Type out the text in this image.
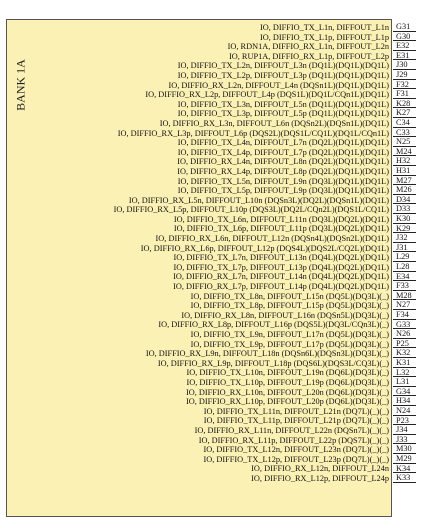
BANK 1A
IO, DIFFIO_TX_L1n, DIFFOUT_L1n
IO, DIFFIO_TX_L1p, DIFFOUT_L1p
IO, RDN1A, DIFFIO_RX_L1n, DIFFOUT_L2n
IO, RUP1A, DIFFIO_RX_L1p, DIFFOUT_L2p
IO, DIFFIO_TX_L2n, DIFFOUT_L3n (DQ1L)(DQ1L)(DQ1L)
IO, DIFFIO_TX_L2p, DIFFOUT_L3p (DQ1L)(DQ1L)(DQ1L)
IO, DIFFIO_RX_L2n, DIFFOUT_L4n (DQSn1L)(DQ1L)(DQ1L)
IO, DIFFIO_RX_L2p, DIFFOUT_L4p (DQS1L)(DQ1L/CQn1L)(DQ1L)
IO, DIFFIO_TX_L3n, DIFFOUT_L5n (DQ1L)(DQ1L)(DQ1L)
IO, DIFFIO_TX_L3p, DIFFOUT_L5p (DQ1L)(DQ1L)(DQ1L)
IO, DIFFIO_RX_L3n, DIFFOUT_L6n (DQSn2L)(DQSn1L)(DQ1L)
IO, DIFFIO_RX_L3p, DIFFOUT_L6p (DQS2L)(DQS1L/CQ1L)(DQ1L/CQn1L)
IO, DIFFIO_TX_L4n, DIFFOUT_L7n (DQ2L)(DQ1L)(DQ1L)
IO, DIFFIO_TX_L4p, DIFFOUT_L7p (DQ2L)(DQ1L)(DQ1L)
IO, DIFFIO_RX_L4n, DIFFOUT_L8n (DQ2L)(DQ1L)(DQ1L)
IO, DIFFIO_RX_L4p, DIFFOUT_L8p (DQ2L)(DQ1L)(DQ1L)
IO, DIFFIO_TX_L5n, DIFFOUT_L9n (DQ3L)(DQ1L)(DQ1L)
IO, DIFFIO_TX_L5p, DIFFOUT_L9p (DQ3L)(DQ1L)(DQ1L)
IO, DIFFIO_RX_L5n, DIFFOUT_L10n (DQSn3L)(DQ2L)(DQSn1L)(DQ1L)
IO, DIFFIO_RX_L5p, DIFFOUT_L10p (DQS3L)(DQ2L/CQn2L)(DQS1L/CQ1L)
IO, DIFFIO_TX_L6n, DIFFOUT_L11n (DQ3L)(DQ2L)(DQ1L)
IO, DIFFIO_TX_L6p, DIFFOUT_L11p (DQ3L)(DQ2L)(DQ1L)
IO, DIFFIO_RX_L6n, DIFFOUT_L12n (DQSn4L)(DQSn2L)(DQ1L)
IO, DIFFIO_RX_L6p, DIFFOUT_L12p (DQS4L)(DQS2L/CQ2L)(DQ1L)
IO, DIFFIO_TX_L7n, DIFFOUT_L13n (DQ4L)(DQ2L)(DQ1L)
IO, DIFFIO_TX_L7p, DIFFOUT_L13p (DQ4L)(DQ2L)(DQ1L)
IO, DIFFIO_RX_L7n, DIFFOUT_L14n (DQ4L)(DQ2L)(DQ1L)
IO, DIFFIO_RX_L7p, DIFFOUT_L14p (DQ4L)(DQ2L)(DQ1L)
IO, DIFFIO_TX_L8n, DIFFOUT_L15n (DQ5L)(DQ3L)(_)
IO, DIFFIO_TX_L8p, DIFFOUT_L15p (DQ5L)(DQ3L)(_)
IO, DIFFIO_RX_L8n, DIFFOUT_L16n (DQSn5L)(DQ3L)(_)
IO, DIFFIO_RX_L8p, DIFFOUT_L16p (DQS5L)(DQ3L/CQn3L)(_)
IO, DIFFIO_TX_L9n, DIFFOUT_L17n (DQ5L)(DQ3L)(_)
IO, DIFFIO_TX_L9p, DIFFOUT_L17p (DQ5L)(DQ3L)(_)
IO, DIFFIO_RX_L9n, DIFFOUT_L18n (DQSn6L)(DQSn3L)(DQ3L)(_)
IO, DIFFIO_RX_L9p, DIFFOUT_L18p (DQS6L)(DQS3L/CQ3L)(_)
IO, DIFFIO_TX_L10n, DIFFOUT_L19n (DQ6L)(DQ3L)(_)
IO, DIFFIO_TX_L10p, DIFFOUT_L19p (DQ6L)(DQ3L)(_)
IO, DIFFIO_RX_L10n, DIFFOUT_L20n (DQ6L)(DQ3L)(_)
IO, DIFFIO_RX_L10p, DIFFOUT_L20p (DQ6L)(DQ3L)(_)
IO, DIFFIO_TX_L11n, DIFFOUT_L21n (DQ7L)(_)(_)
IO, DIFFIO_TX_L11p, DIFFOUT_L21p (DQ7L)(_)(_)
IO, DIFFIO_RX_L11n, DIFFOUT_L22n (DQSn7L)(_)(_)
IO, DIFFIO_RX_L11p, DIFFOUT_L22p (DQS7L)(_)(_)
IO, DIFFIO_TX_L12n, DIFFOUT_L23n (DQ7L)(_)(_)
IO, DIFFIO_TX_L12p, DIFFOUT_L23p (DQ7L)(_)(_)
IO, DIFFIO_RX_L12n, DIFFOUT_L24n
IO, DIFFIO_RX_L12p, DIFFOUT_L24p
G31
G30
E32
E31
J30
J29
F32
F31
K28
K27
C34
C33
N25
M24
H32
H31
M27
M26
D34
D33
K30
K29
J32
J31
L29
L28
E34
F33
M28
N27
F34
G33
N26
P25
K32
K31
L32
L31
G34
H34
N24
P23
J34
J33
M30
M29
K34
K33
